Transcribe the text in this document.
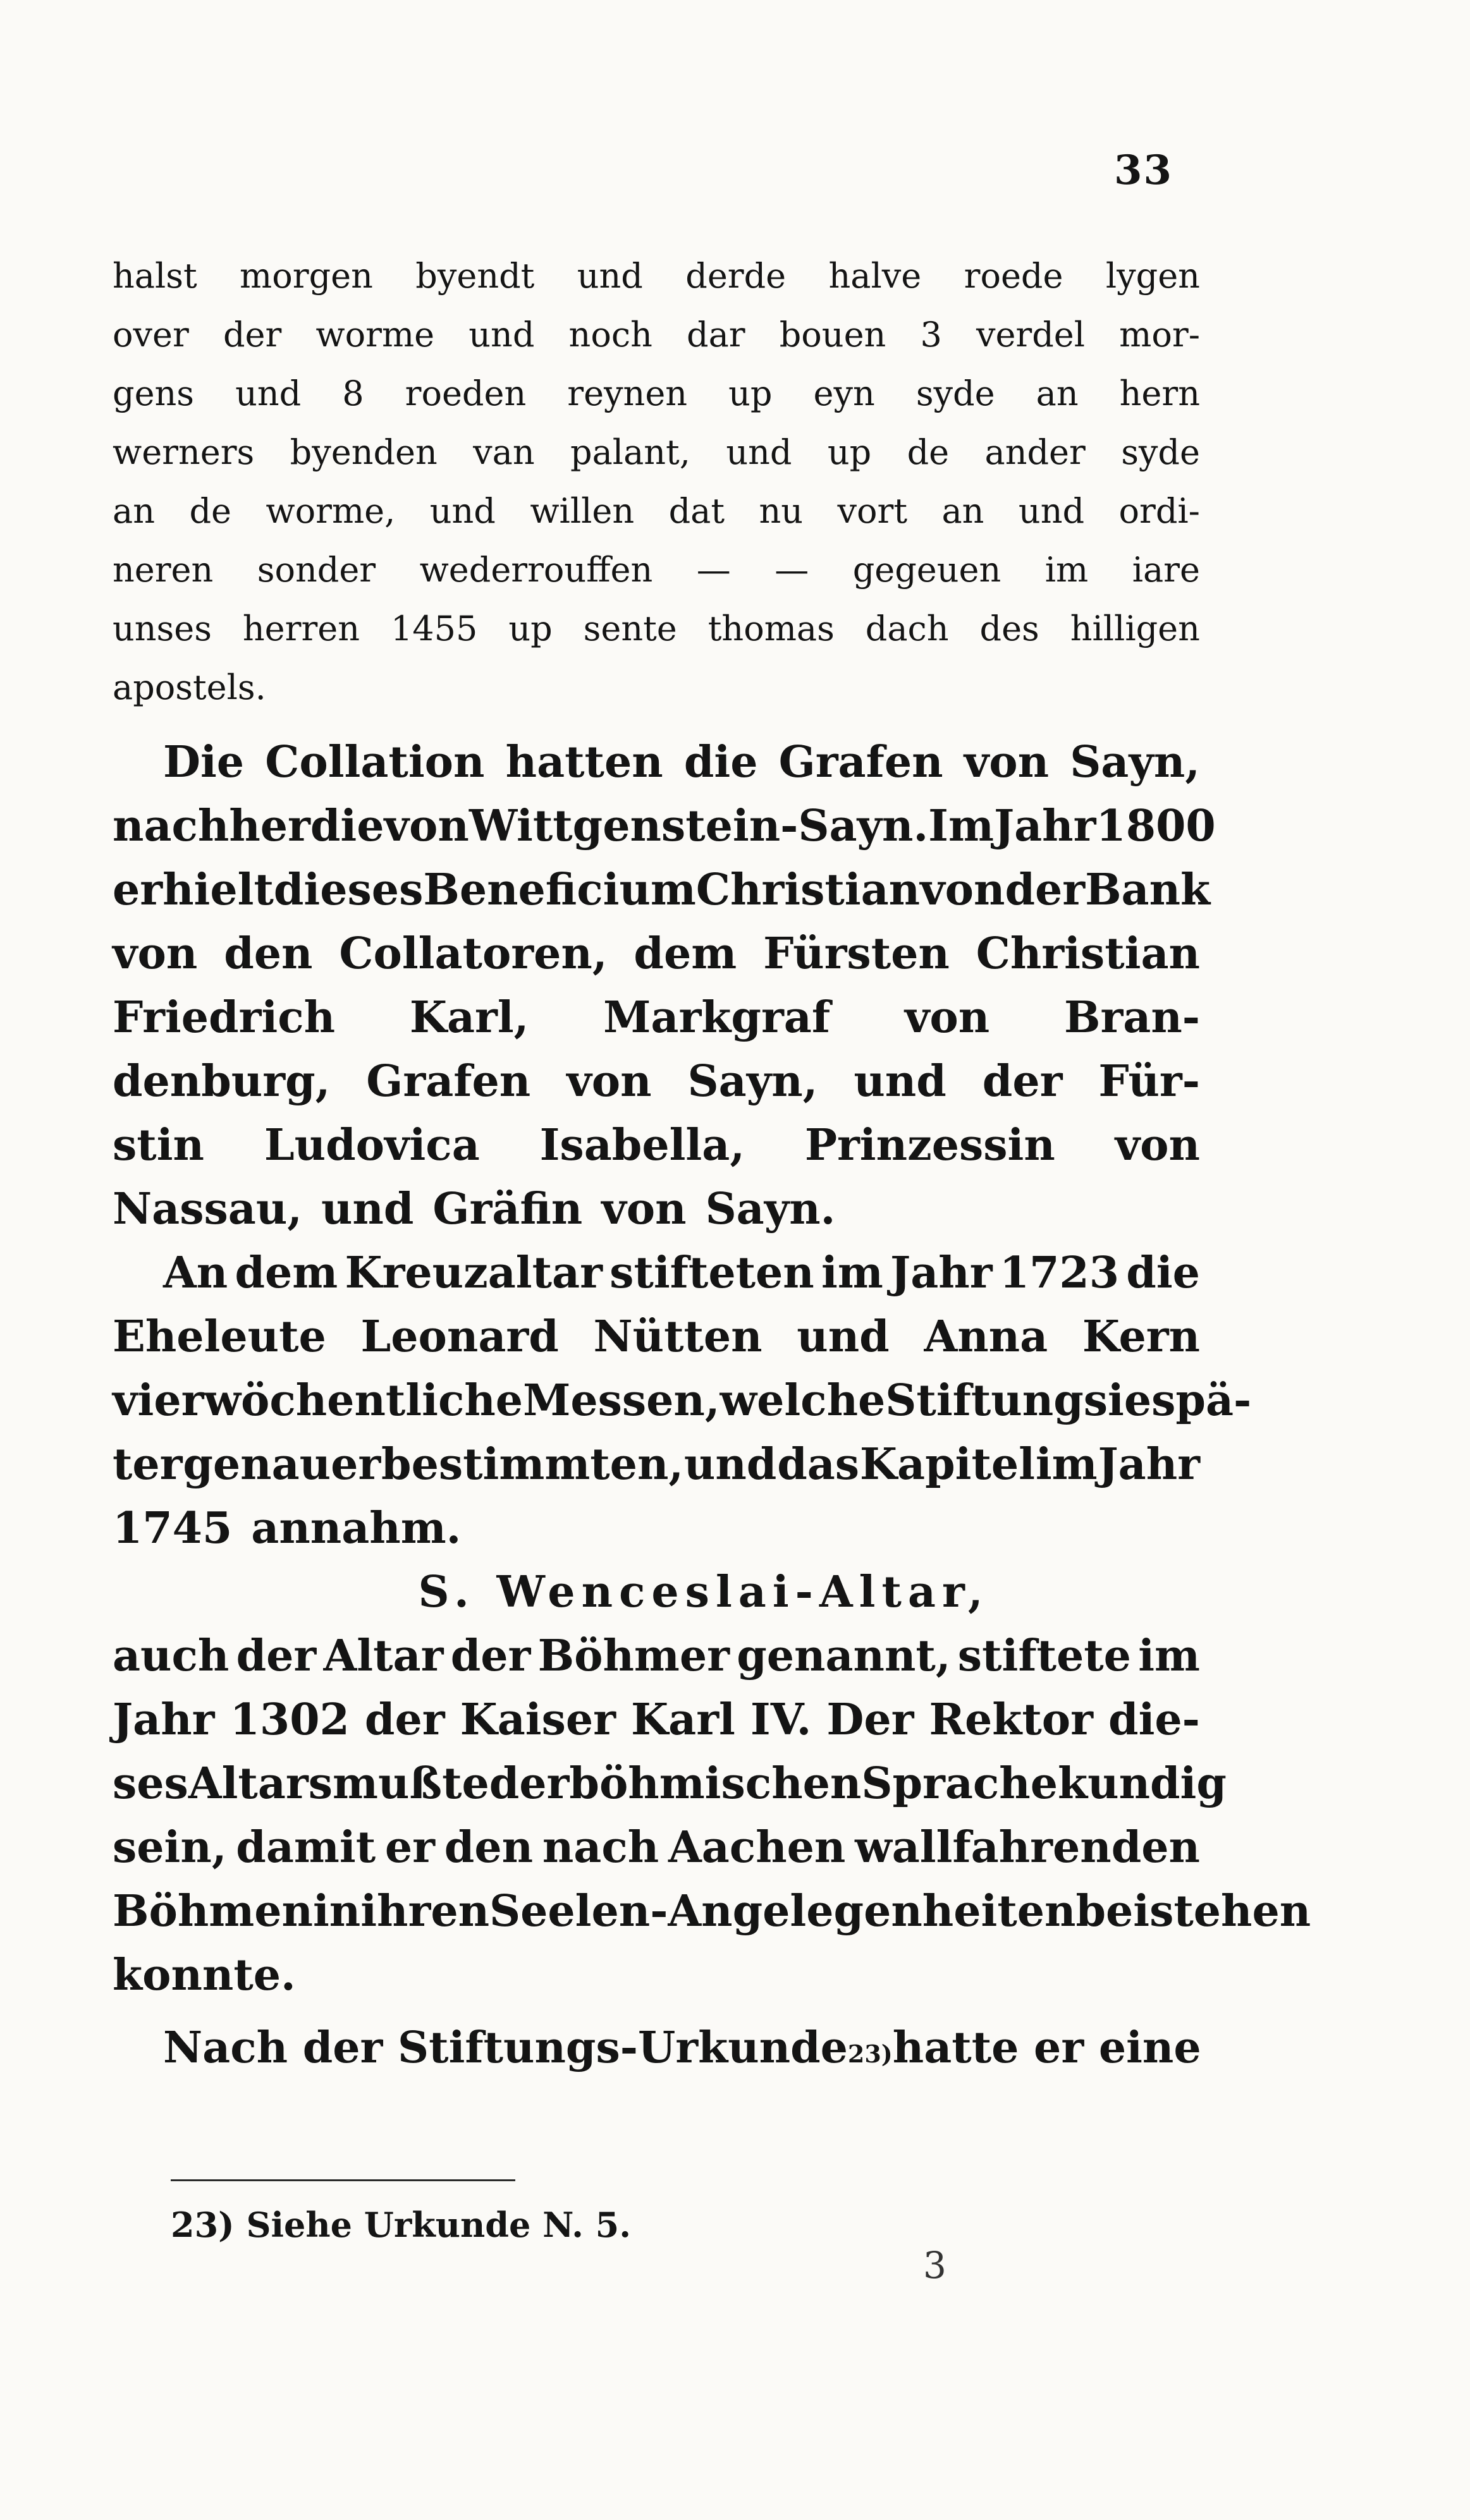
33
halst morgen byendt und derde halve roede lygen
over der worme und noch dar bouen 3 verdel mor-
gens und 8 roeden reynen up eyn syde an hern
werners byenden van palant, und up de ander syde
an de worme, und willen dat nu vort an und ordi-
neren sonder wederrouffen — — gegeuen im iare
unses herren 1455 up sente thomas dach des hilligen
apostels.
Die Collation hatten die Grafen von Sayn,
nachher die von Wittgenstein-Sayn. Im Jahr 1800
erhielt dieses Beneficium Christian von der Bank
von den Collatoren, dem Fürsten Christian
Friedrich Karl, Markgraf von Bran-
denburg, Grafen von Sayn, und der Für-
stin Ludovica Isabella, Prinzessin von
Nassau, und Gräfin von Sayn.
An dem Kreuzaltar stifteten im Jahr 1723 die
Eheleute Leonard Nütten und Anna Kern
vier wöchentliche Messen, welche Stiftung sie spä-
ter genauer bestimmten, und das Kapitel im Jahr
1745 annahm.
S. Wenceslai-Altar,
auch der Altar der Böhmer genannt, stiftete im
Jahr 1302 der Kaiser Karl IV. Der Rektor die-
ses Altars mußte der böhmischen Sprache kundig
sein, damit er den nach Aachen wallfahrenden
Böhmen in ihren Seelen-Angelegenheiten beistehen
konnte.
Nach der Stiftungs-Urkunde 23) hatte er eine
23) Siehe Urkunde N. 5.
3
